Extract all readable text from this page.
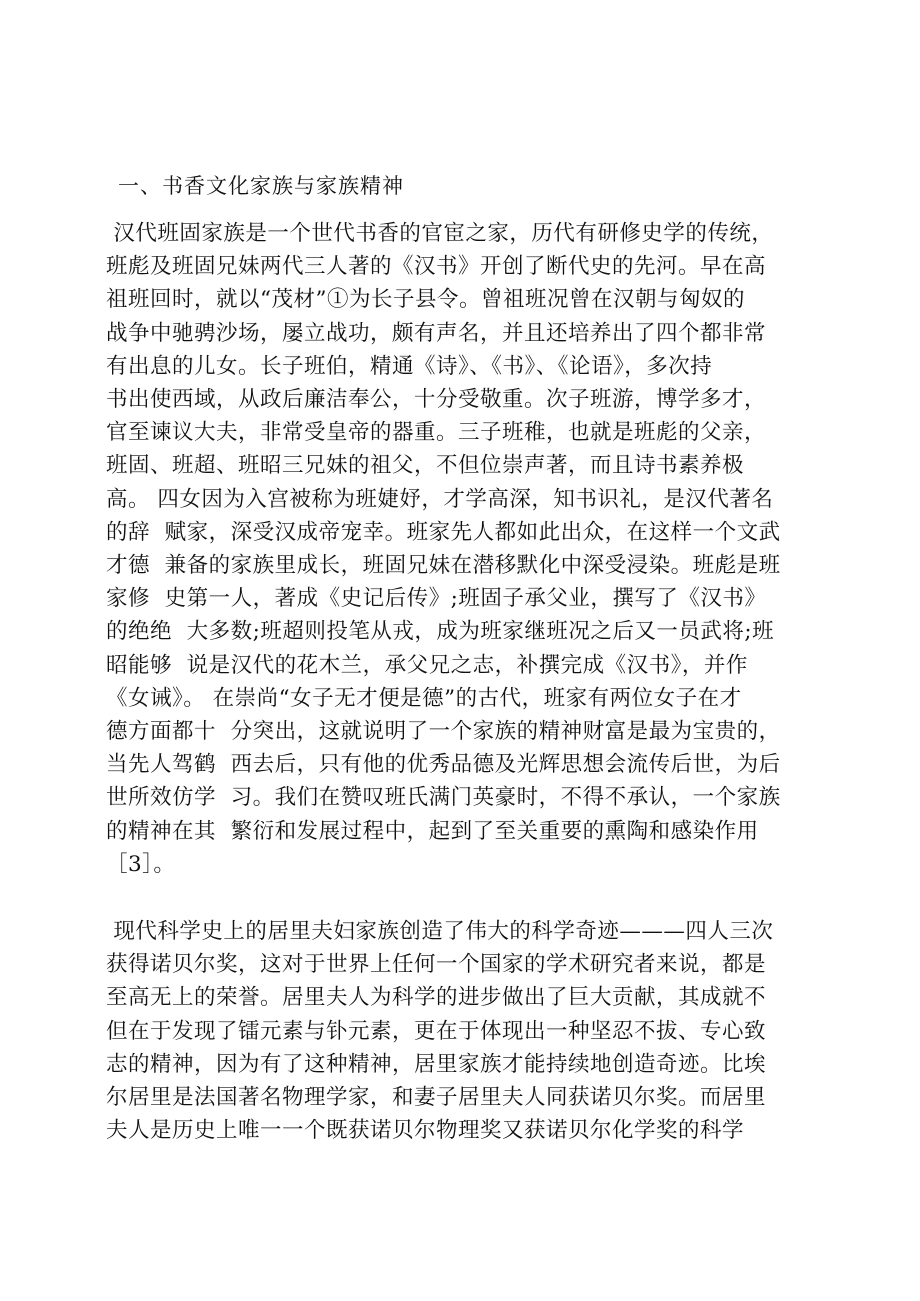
一、书香文化家族与家族精神
汉代班固家族是一个世代书香的官宦之家，历代有研修史学的传统，
班彪及班固兄妹两代三人著的《汉书》开创了断代史的先河。早在高
祖班回时，就以“茂材”①为长子县令。曾祖班况曾在汉朝与匈奴的
战争中驰骋沙场，屡立战功，颇有声名，并且还培养出了四个都非常
有出息的儿女。长子班伯，精通《诗》、《书》、《论语》，多次持
书出使西域，从政后廉洁奉公，十分受敬重。次子班游，博学多才，
官至谏议大夫，非常受皇帝的器重。三子班稚，也就是班彪的父亲，
班固、班超、班昭三兄妹的祖父，不但位崇声著，而且诗书素养极
高。 四女因为入宫被称为班婕妤，才学高深，知书识礼，是汉代著名
的辞  赋家，深受汉成帝宠幸。班家先人都如此出众，在这样一个文武
才德  兼备的家族里成长，班固兄妹在潜移默化中深受浸染。班彪是班
家修  史第一人，著成《史记后传》;班固子承父业，撰写了《汉书》
的绝绝  大多数;班超则投笔从戎，成为班家继班况之后又一员武将;班
昭能够  说是汉代的花木兰，承父兄之志，补撰完成《汉书》，并作
《女诫》。 在崇尚“女子无才便是德”的古代，班家有两位女子在才
德方面都十  分突出，这就说明了一个家族的精神财富是最为宝贵的，
当先人驾鹤  西去后，只有他的优秀品德及光辉思想会流传后世，为后
世所效仿学  习。我们在赞叹班氏满门英豪时，不得不承认，一个家族
的精神在其  繁衍和发展过程中，起到了至关重要的熏陶和感染作用
［3］。
现代科学史上的居里夫妇家族创造了伟大的科学奇迹———四人三次
获得诺贝尔奖，这对于世界上任何一个国家的学术研究者来说，都是
至高无上的荣誉。居里夫人为科学的进步做出了巨大贡献，其成就不
但在于发现了镭元素与钋元素，更在于体现出一种坚忍不拔、专心致
志的精神，因为有了这种精神，居里家族才能持续地创造奇迹。比埃
尔居里是法国著名物理学家，和妻子居里夫人同获诺贝尔奖。而居里
夫人是历史上唯一一个既获诺贝尔物理奖又获诺贝尔化学奖的科学
